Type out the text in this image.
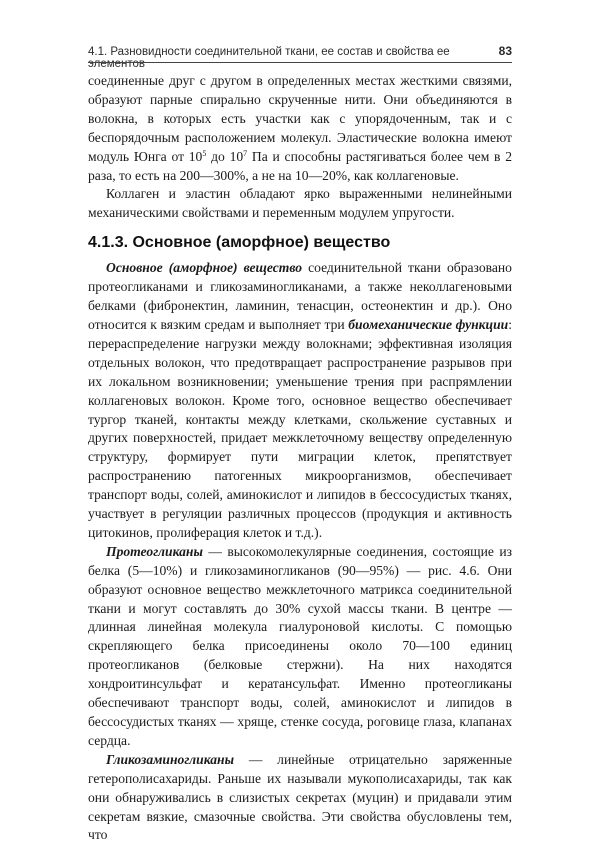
4.1. Разновидности соединительной ткани, ее состав и свойства ее элементов
83

соединенные друг с другом в определенных местах жесткими связями, образуют парные спирально скрученные нити. Они объединяются в волокна, в которых есть участки как с упорядоченным, так и с беспорядочным расположением молекул. Эластические волокна имеют модуль Юнга от $10^5$ до $10^7$ Па и способны растягиваться более чем в 2 раза, то есть на 200—300%, а не на 10—20%, как коллагеновые.

Коллаген и эластин обладают ярко выраженными нелинейными механическими свойствами и переменным модулем упругости.

4.1.3. Основное (аморфное) вещество

Основное (аморфное) вещество соединительной ткани образовано протеогликанами и гликозаминогликанами, а также неколлагеновыми белками (фибронектин, ламинин, тенасцин, остеонектин и др.). Оно относится к вязким средам и выполняет три биомеханические функции: перераспределение нагрузки между волокнами; эффективная изоляция отдельных волокон, что предотвращает распространение разрывов при их локальном возникновении; уменьшение трения при распрямлении коллагеновых волокон. Кроме того, основное вещество обеспечивает тургор тканей, контакты между клетками, скольжение суставных и других поверхностей, придает межклеточному веществу определенную структуру, формирует пути миграции клеток, препятствует распространению патогенных микроорганизмов, обеспечивает транспорт воды, солей, аминокислот и липидов в бессосудистых тканях, участвует в регуляции различных процессов (продукция и активность цитокинов, пролиферация клеток и т.д.).

Протеогликаны — высокомолекулярные соединения, состоящие из белка (5—10%) и гликозаминогликанов (90—95%) — рис. 4.6. Они образуют основное вещество межклеточного матрикса соединительной ткани и могут составлять до 30% сухой массы ткани. В центре — длинная линейная молекула гиалуроновой кислоты. С помощью скрепляющего белка присоединены около 70—100 единиц протеогликанов (белковые стержни). На них находятся хондроитинсульфат и кератансульфат. Именно протеогликаны обеспечивают транспорт воды, солей, аминокислот и липидов в бессосудистых тканях — хряще, стенке сосуда, роговице глаза, клапанах сердца.

Гликозаминогликаны — линейные отрицательно заряженные гетерополисахариды. Раньше их называли мукополисахариды, так как они обнаруживались в слизистых секретах (муцин) и придавали этим секретам вязкие, смазочные свойства. Эти свойства обусловлены тем, что
